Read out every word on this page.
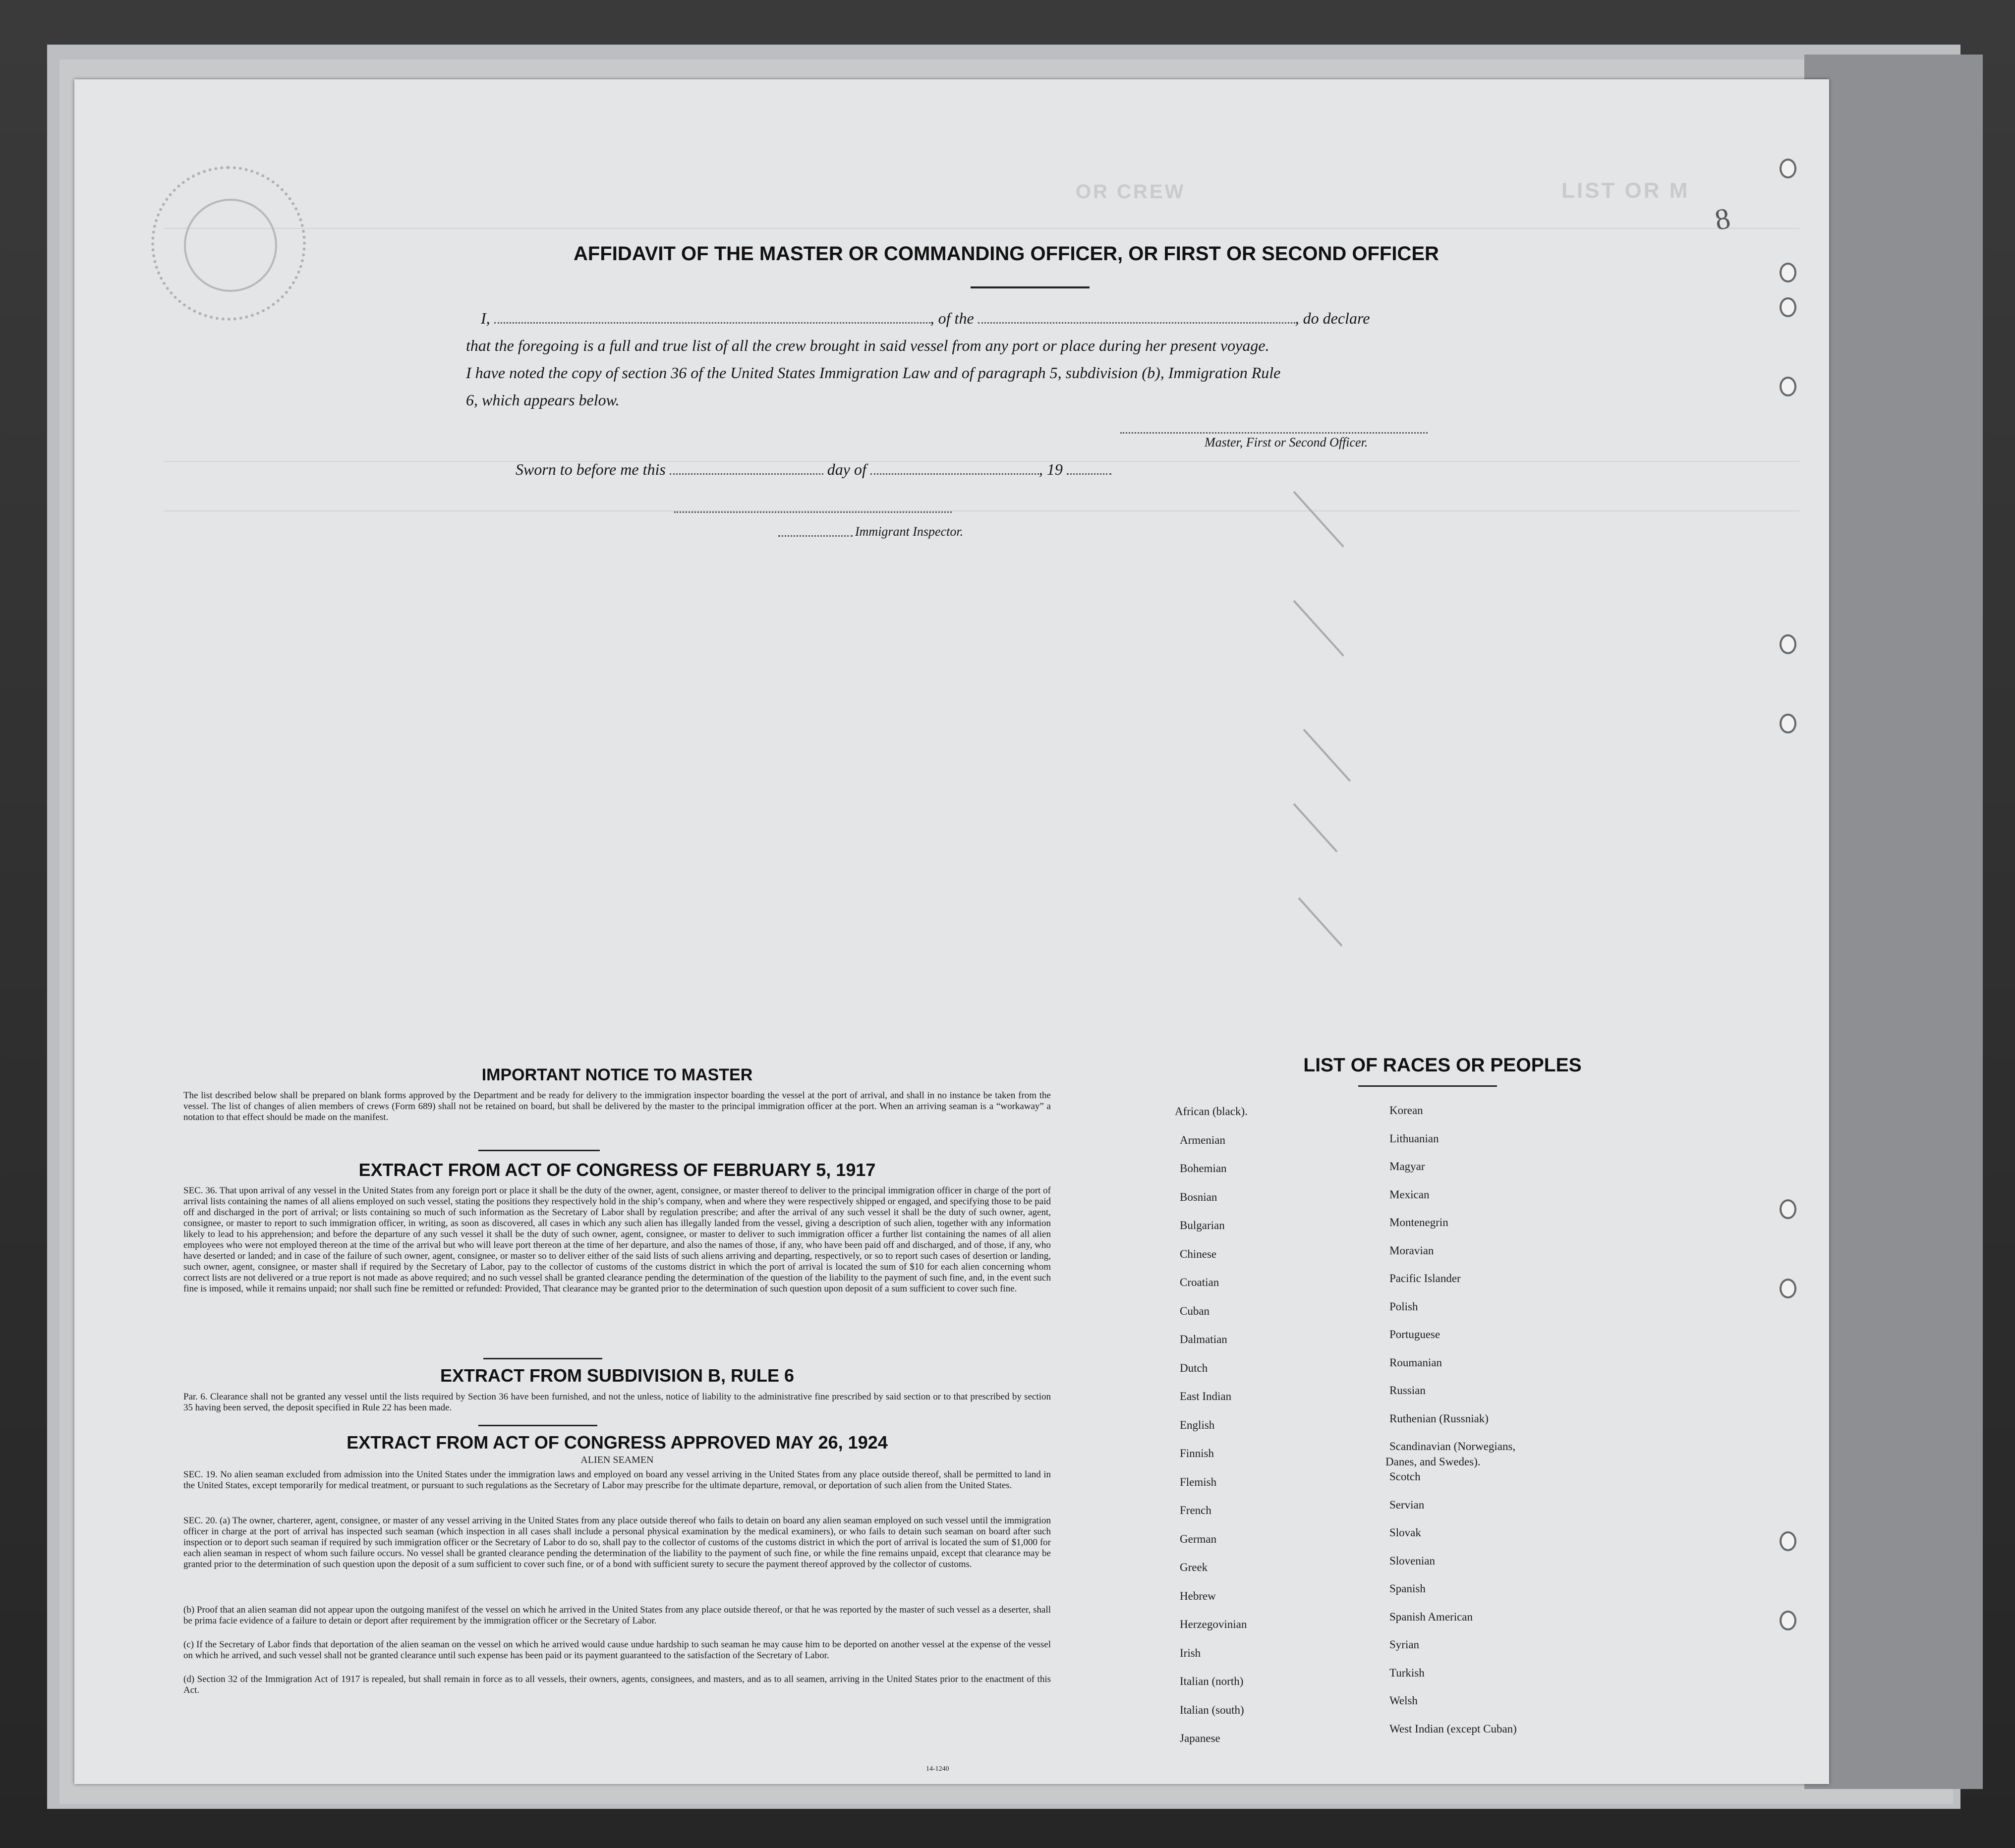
LIST OR M
OR CREW
8
AFFIDAVIT OF THE MASTER OR COMMANDING OFFICER, OR FIRST OR SECOND OFFICER
I,	, of the	, do declare
that the foregoing is a full and true list of all the crew brought in said vessel from any port or place during her present voyage.
I have noted the copy of section 36 of the United States Immigration Law and of paragraph 5, subdivision (b), Immigration Rule
6, which appears below.
Master, First or Second Officer.
Sworn to before me this	day of	, 19
Immigrant Inspector.
IMPORTANT NOTICE TO MASTER
The list described below shall be prepared on blank forms approved by the Department and be ready for delivery to the immigration inspector boarding the vessel at the port of arrival, and shall in no instance be taken from the vessel. The list of changes of alien members of crews (Form 689) shall not be retained on board, but shall be delivered by the master to the principal immigration officer at the port. When an arriving seaman is a “workaway” a notation to that effect should be made on the manifest.
EXTRACT FROM ACT OF CONGRESS OF FEBRUARY 5, 1917
SEC. 36. That upon arrival of any vessel in the United States from any foreign port or place it shall be the duty of the owner, agent, consignee, or master thereof to deliver to the principal immigration officer in charge of the port of arrival lists containing the names of all aliens employed on such vessel, stating the positions they respectively hold in the ship’s company, when and where they were respectively shipped or engaged, and specifying those to be paid off and discharged in the port of arrival; or lists containing so much of such information as the Secretary of Labor shall by regulation prescribe; and after the arrival of any such vessel it shall be the duty of such owner, agent, consignee, or master to report to such immigration officer, in writing, as soon as discovered, all cases in which any such alien has illegally landed from the vessel, giving a description of such alien, together with any information likely to lead to his apprehension; and before the departure of any such vessel it shall be the duty of such owner, agent, consignee, or master to deliver to such immigration officer a further list containing the names of all alien employees who were not employed thereon at the time of the arrival but who will leave port thereon at the time of her departure, and also the names of those, if any, who have been paid off and discharged, and of those, if any, who have deserted or landed; and in case of the failure of such owner, agent, consignee, or master so to deliver either of the said lists of such aliens arriving and departing, respectively, or so to report such cases of desertion or landing, such owner, agent, consignee, or master shall if required by the Secretary of Labor, pay to the collector of customs of the customs district in which the port of arrival is located the sum of $10 for each alien concerning whom correct lists are not delivered or a true report is not made as above required; and no such vessel shall be granted clearance pending the determination of the question of the liability to the payment of such fine, and, in the event such fine is imposed, while it remains unpaid; nor shall such fine be remitted or refunded: Provided, That clearance may be granted prior to the determination of such question upon deposit of a sum sufficient to cover such fine.
EXTRACT FROM SUBDIVISION B, RULE 6
Par. 6. Clearance shall not be granted any vessel until the lists required by Section 36 have been furnished, and not the unless, notice of liability to the administrative fine prescribed by said section or to that prescribed by section 35 having been served, the deposit specified in Rule 22 has been made.
EXTRACT FROM ACT OF CONGRESS APPROVED MAY 26, 1924
ALIEN SEAMEN
SEC. 19. No alien seaman excluded from admission into the United States under the immigration laws and employed on board any vessel arriving in the United States from any place outside thereof, shall be permitted to land in the United States, except temporarily for medical treatment, or pursuant to such regulations as the Secretary of Labor may prescribe for the ultimate departure, removal, or deportation of such alien from the United States.
SEC. 20. (a) The owner, charterer, agent, consignee, or master of any vessel arriving in the United States from any place outside thereof who fails to detain on board any alien seaman employed on such vessel until the immigration officer in charge at the port of arrival has inspected such seaman (which inspection in all cases shall include a personal physical examination by the medical examiners), or who fails to detain such seaman on board after such inspection or to deport such seaman if required by such immigration officer or the Secretary of Labor to do so, shall pay to the collector of customs of the customs district in which the port of arrival is located the sum of $1,000 for each alien seaman in respect of whom such failure occurs. No vessel shall be granted clearance pending the determination of the liability to the payment of such fine, or while the fine remains unpaid, except that clearance may be granted prior to the determination of such question upon the deposit of a sum sufficient to cover such fine, or of a bond with sufficient surety to secure the payment thereof approved by the collector of customs.
(b) Proof that an alien seaman did not appear upon the outgoing manifest of the vessel on which he arrived in the United States from any place outside thereof, or that he was reported by the master of such vessel as a deserter, shall be prima facie evidence of a failure to detain or deport after requirement by the immigration officer or the Secretary of Labor.
(c) If the Secretary of Labor finds that deportation of the alien seaman on the vessel on which he arrived would cause undue hardship to such seaman he may cause him to be deported on another vessel at the expense of the vessel on which he arrived, and such vessel shall not be granted clearance until such expense has been paid or its payment guaranteed to the satisfaction of the Secretary of Labor.
(d) Section 32 of the Immigration Act of 1917 is repealed, but shall remain in force as to all vessels, their owners, agents, consignees, and masters, and as to all seamen, arriving in the United States prior to the enactment of this Act.
14-1240
LIST OF RACES OR PEOPLES
African (black).
Armenian
Bohemian
Bosnian
Bulgarian
Chinese
Croatian
Cuban
Dalmatian
Dutch
East Indian
English
Finnish
Flemish
French
German
Greek
Hebrew
Herzegovinian
Irish
Italian (north)
Italian (south)
Japanese
Korean
Lithuanian
Magyar
Mexican
Montenegrin
Moravian
Pacific Islander
Polish
Portuguese
Roumanian
Russian
Ruthenian (Russniak)
Scandinavian (Norwegians,
Danes, and Swedes).
Scotch
Servian
Slovak
Slovenian
Spanish
Spanish American
Syrian
Turkish
Welsh
West Indian (except Cuban)
